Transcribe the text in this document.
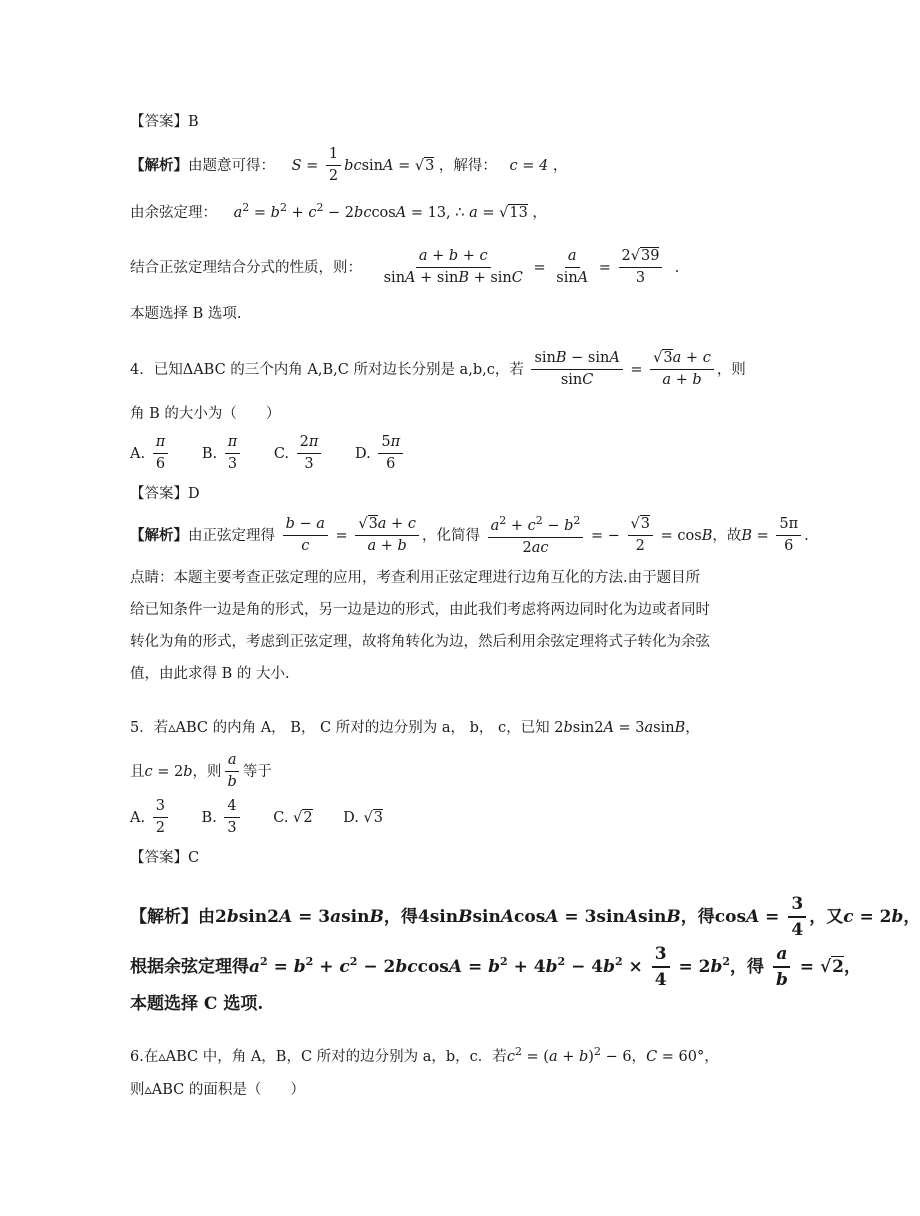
【答案】B
【解析】由题意可得： $S = \frac{1}{2}$ bcsinA = √3 ，解得： c = 4 ，
由余弦定理： $a^2 = b^2 + c^2 - 2bccosA = 13$, ∴ a = √13 ，
结合正弦定理结合分式的性质，则： $\frac{a + b + c}{\sin A + \sin B + \sin C} = \frac{a}{\sin A} = \frac{2√39}{3}$ .
本题选择 B 选项.
4．已知ΔABC 的三个内角 A,B,C 所对边长分别是 a,b,c，若 $\frac{\sin B - \sin A}{\sin C} = \frac{√3a + c}{a + b}$ ，则
角 B 的大小为（　　）
A. $\frac{\pi}{6} B$. $\frac{\pi}{3} C$. $\frac{2\pi}{3} D$. $\frac{5\pi}{6}$
【答案】D
【解析】由正弦定理得 $\frac{b - a}{c} = \frac{√3a + c}{a + b}$ ，化简得 $\frac{a^2 + c^2 - b^2}{2ac}$ = − $\frac{√3}{2} = \cos B$，故$B = \frac{5\pi}{6}$ .
点睛：本题主要考查正弦定理的应用，考查利用正弦定理进行边角互化的方法.由于题目所
给已知条件一边是角的形式，另一边是边的形式，由此我们考虑将两边同时化为边或者同时
转化为角的形式，考虑到正弦定理，故将角转化为边，然后利用余弦定理将式子转化为余弦
值，由此求得 B 的 大小.
5．若▵ABC 的内角 A， B， C 所对的边分别为 a， b， c，已知 2bsin2A = 3asinB，
且c = 2b，则 $\frac{a}{b}$ 等于
A. $\frac{3}{2} B$. $\frac{4}{3} C$. √2 D. √3
【答案】C
【解析】由2bsin2A = 3asinB，得4sinBsinAcosA = 3sinAsinB，得$\cos A = \frac{3}{4}$ ，又c = 2b，
根据余弦定理得$a^2 = b^2 + c^2 - 2bccosA = b^2 + 4b^2 - 4b^2 \times \frac{3}{4} = 2b^2$，得 $\frac{a}{b} = √2$，
本题选择 C 选项.
6.在▵ABC 中，角 A，B，C 所对的边分别为 a，b，c．若$c^2 = (a + b)^2 - 6$，C = 60°，
则▵ABC 的面积是（　　）
